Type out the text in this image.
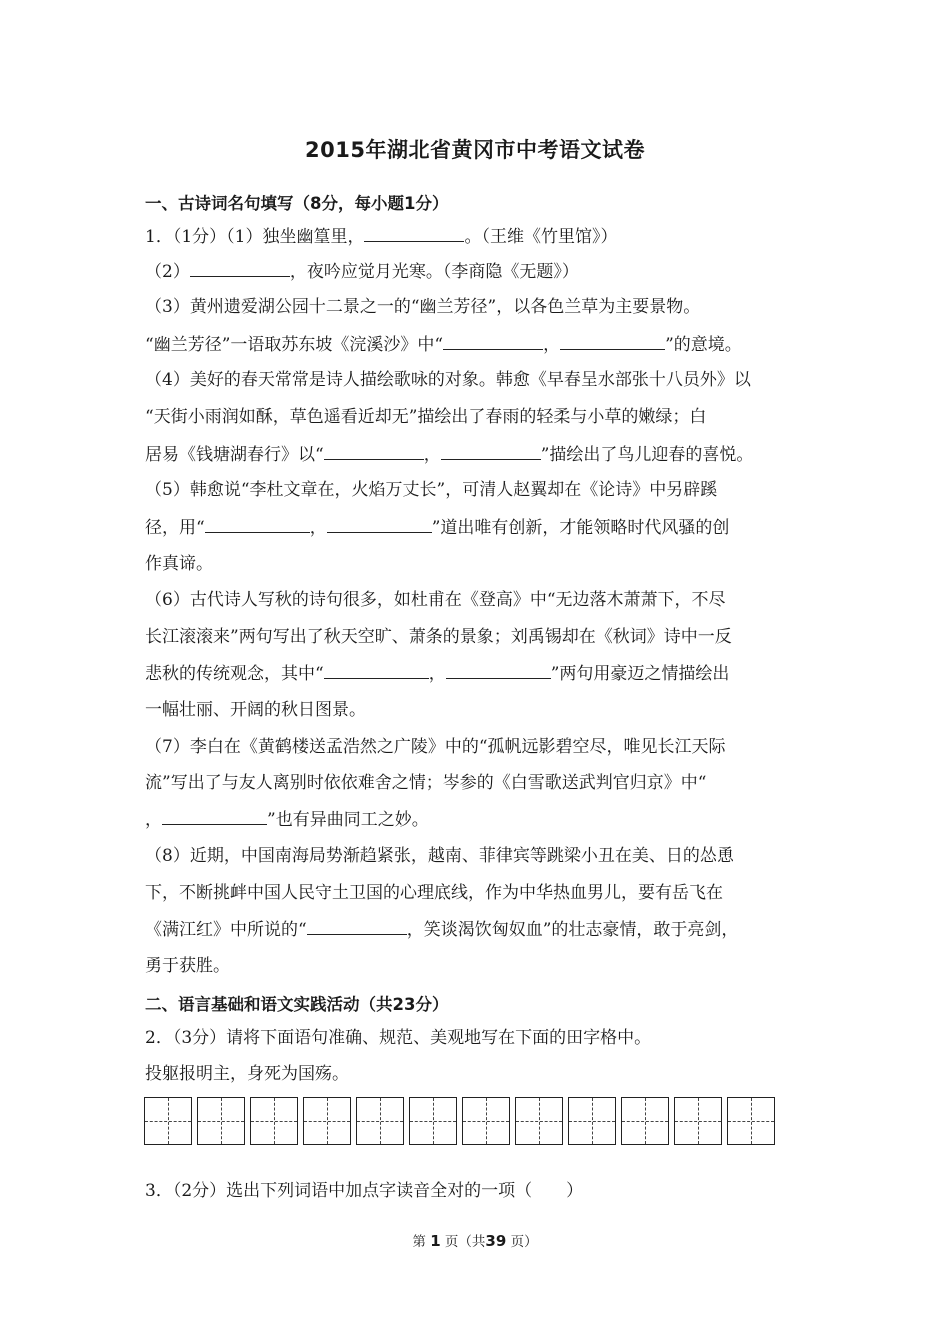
2015年湖北省黄冈市中考语文试卷
一、古诗词名句填写（8分，每小题1分）
1．（1分）（1）独坐幽篁里，	。（王维《竹里馆》）
（2）	，夜吟应觉月光寒。（李商隐《无题》）
（3）黄州遗爱湖公园十二景之一的“幽兰芳径”，以各色兰草为主要景物。
“幽兰芳径”一语取苏东坡《浣溪沙》中“	，	”的意境。
（4）美好的春天常常是诗人描绘歌咏的对象。韩愈《早春呈水部张十八员外》以
“天街小雨润如酥，草色遥看近却无”描绘出了春雨的轻柔与小草的嫩绿；白
居易《钱塘湖春行》以“	，	”描绘出了鸟儿迎春的喜悦。
（5）韩愈说“李杜文章在，火焰万丈长”，可清人赵翼却在《论诗》中另辟蹊
径，用“	，	”道出唯有创新，才能领略时代风骚的创
作真谛。
（6）古代诗人写秋的诗句很多，如杜甫在《登高》中“无边落木萧萧下，不尽
长江滚滚来”两句写出了秋天空旷、萧条的景象；刘禹锡却在《秋词》诗中一反
悲秋的传统观念，其中“	，	”两句用豪迈之情描绘出
一幅壮丽、开阔的秋日图景。
（7）李白在《黄鹤楼送孟浩然之广陵》中的“孤帆远影碧空尽，唯见长江天际
流”写出了与友人离别时依依难舍之情；岑参的《白雪歌送武判官归京》中“
，	”也有异曲同工之妙。
（8）近期，中国南海局势渐趋紧张，越南、菲律宾等跳梁小丑在美、日的怂恿
下，不断挑衅中国人民守土卫国的心理底线，作为中华热血男儿，要有岳飞在
《满江红》中所说的“	，笑谈渴饮匈奴血”的壮志豪情，敢于亮剑，
勇于获胜。
二、语言基础和语文实践活动（共23分）
2．（3分）请将下面语句准确、规范、美观地写在下面的田字格中。
投躯报明主，身死为国殇。
3．（2分）选出下列词语中加点字读音全对的一项（　　）
第 1 页（共39 页）
